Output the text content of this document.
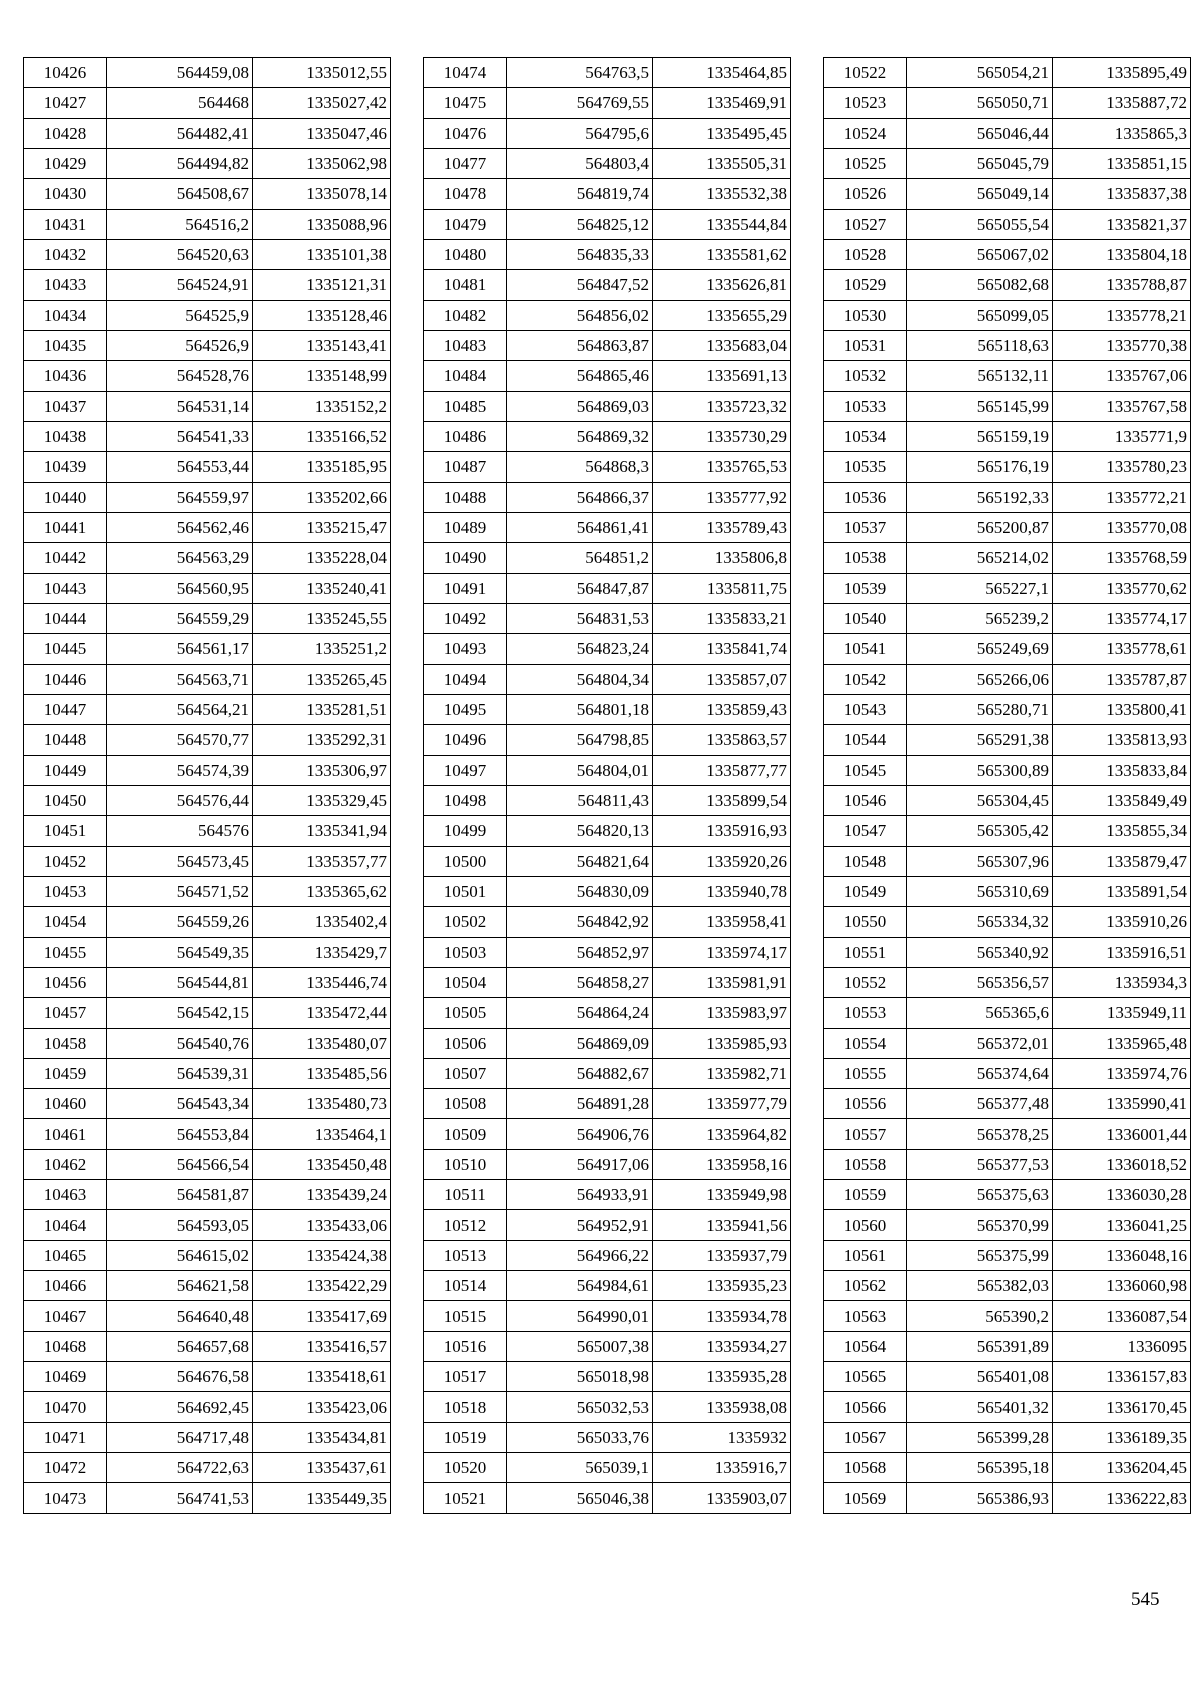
10426	564459,08	1335012,55
10427	564468	1335027,42
10428	564482,41	1335047,46
10429	564494,82	1335062,98
10430	564508,67	1335078,14
10431	564516,2	1335088,96
10432	564520,63	1335101,38
10433	564524,91	1335121,31
10434	564525,9	1335128,46
10435	564526,9	1335143,41
10436	564528,76	1335148,99
10437	564531,14	1335152,2
10438	564541,33	1335166,52
10439	564553,44	1335185,95
10440	564559,97	1335202,66
10441	564562,46	1335215,47
10442	564563,29	1335228,04
10443	564560,95	1335240,41
10444	564559,29	1335245,55
10445	564561,17	1335251,2
10446	564563,71	1335265,45
10447	564564,21	1335281,51
10448	564570,77	1335292,31
10449	564574,39	1335306,97
10450	564576,44	1335329,45
10451	564576	1335341,94
10452	564573,45	1335357,77
10453	564571,52	1335365,62
10454	564559,26	1335402,4
10455	564549,35	1335429,7
10456	564544,81	1335446,74
10457	564542,15	1335472,44
10458	564540,76	1335480,07
10459	564539,31	1335485,56
10460	564543,34	1335480,73
10461	564553,84	1335464,1
10462	564566,54	1335450,48
10463	564581,87	1335439,24
10464	564593,05	1335433,06
10465	564615,02	1335424,38
10466	564621,58	1335422,29
10467	564640,48	1335417,69
10468	564657,68	1335416,57
10469	564676,58	1335418,61
10470	564692,45	1335423,06
10471	564717,48	1335434,81
10472	564722,63	1335437,61
10473	564741,53	1335449,35
10474	564763,5	1335464,85
10475	564769,55	1335469,91
10476	564795,6	1335495,45
10477	564803,4	1335505,31
10478	564819,74	1335532,38
10479	564825,12	1335544,84
10480	564835,33	1335581,62
10481	564847,52	1335626,81
10482	564856,02	1335655,29
10483	564863,87	1335683,04
10484	564865,46	1335691,13
10485	564869,03	1335723,32
10486	564869,32	1335730,29
10487	564868,3	1335765,53
10488	564866,37	1335777,92
10489	564861,41	1335789,43
10490	564851,2	1335806,8
10491	564847,87	1335811,75
10492	564831,53	1335833,21
10493	564823,24	1335841,74
10494	564804,34	1335857,07
10495	564801,18	1335859,43
10496	564798,85	1335863,57
10497	564804,01	1335877,77
10498	564811,43	1335899,54
10499	564820,13	1335916,93
10500	564821,64	1335920,26
10501	564830,09	1335940,78
10502	564842,92	1335958,41
10503	564852,97	1335974,17
10504	564858,27	1335981,91
10505	564864,24	1335983,97
10506	564869,09	1335985,93
10507	564882,67	1335982,71
10508	564891,28	1335977,79
10509	564906,76	1335964,82
10510	564917,06	1335958,16
10511	564933,91	1335949,98
10512	564952,91	1335941,56
10513	564966,22	1335937,79
10514	564984,61	1335935,23
10515	564990,01	1335934,78
10516	565007,38	1335934,27
10517	565018,98	1335935,28
10518	565032,53	1335938,08
10519	565033,76	1335932
10520	565039,1	1335916,7
10521	565046,38	1335903,07
10522	565054,21	1335895,49
10523	565050,71	1335887,72
10524	565046,44	1335865,3
10525	565045,79	1335851,15
10526	565049,14	1335837,38
10527	565055,54	1335821,37
10528	565067,02	1335804,18
10529	565082,68	1335788,87
10530	565099,05	1335778,21
10531	565118,63	1335770,38
10532	565132,11	1335767,06
10533	565145,99	1335767,58
10534	565159,19	1335771,9
10535	565176,19	1335780,23
10536	565192,33	1335772,21
10537	565200,87	1335770,08
10538	565214,02	1335768,59
10539	565227,1	1335770,62
10540	565239,2	1335774,17
10541	565249,69	1335778,61
10542	565266,06	1335787,87
10543	565280,71	1335800,41
10544	565291,38	1335813,93
10545	565300,89	1335833,84
10546	565304,45	1335849,49
10547	565305,42	1335855,34
10548	565307,96	1335879,47
10549	565310,69	1335891,54
10550	565334,32	1335910,26
10551	565340,92	1335916,51
10552	565356,57	1335934,3
10553	565365,6	1335949,11
10554	565372,01	1335965,48
10555	565374,64	1335974,76
10556	565377,48	1335990,41
10557	565378,25	1336001,44
10558	565377,53	1336018,52
10559	565375,63	1336030,28
10560	565370,99	1336041,25
10561	565375,99	1336048,16
10562	565382,03	1336060,98
10563	565390,2	1336087,54
10564	565391,89	1336095
10565	565401,08	1336157,83
10566	565401,32	1336170,45
10567	565399,28	1336189,35
10568	565395,18	1336204,45
10569	565386,93	1336222,83
545
